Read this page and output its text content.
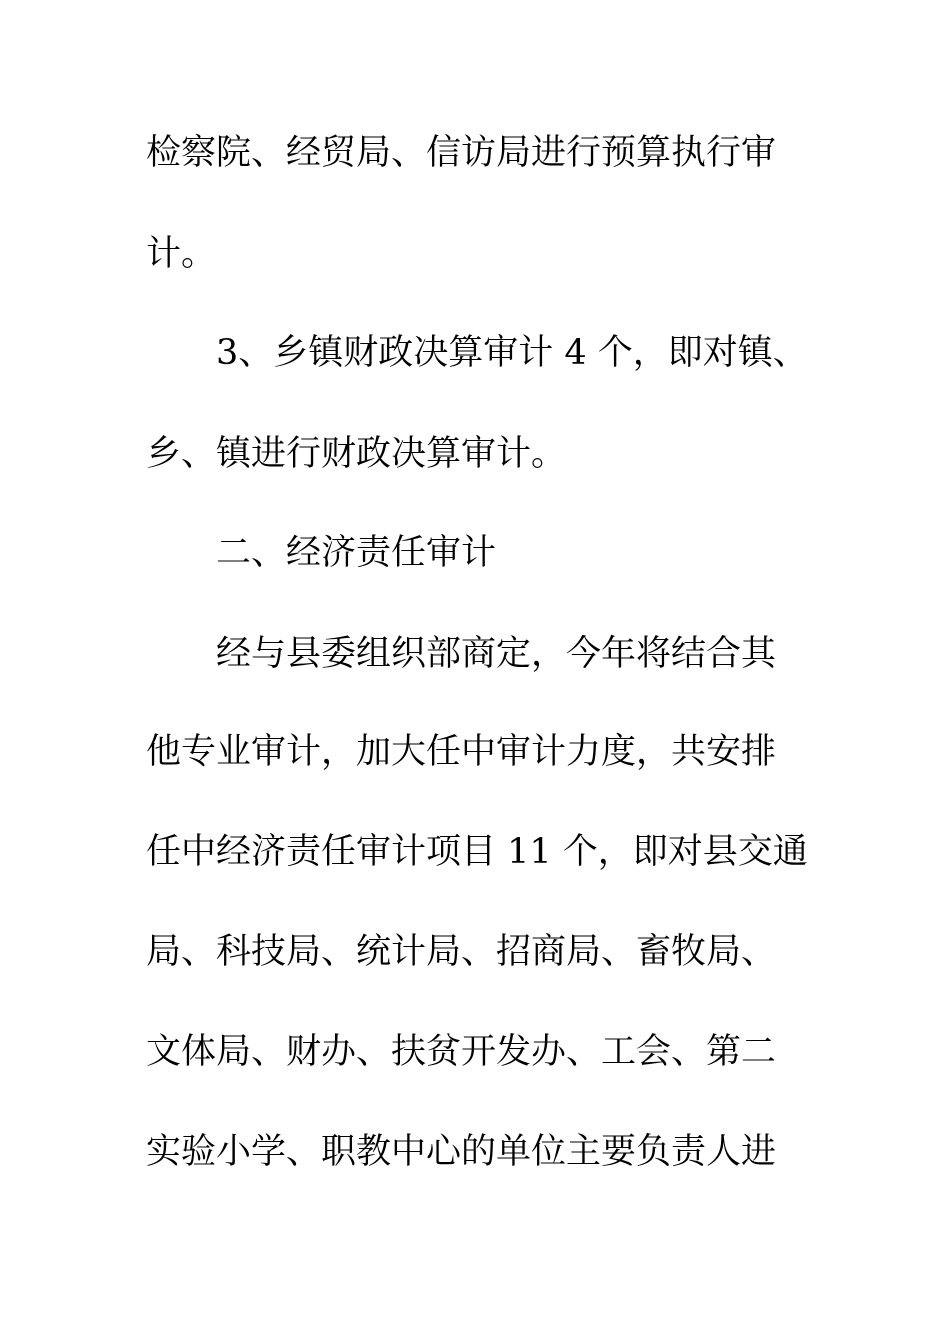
检察院、经贸局、信访局进行预算执行审
计。
3、乡镇财政决算审计 4 个，即对镇、
乡、镇进行财政决算审计。
二、经济责任审计
经与县委组织部商定，今年将结合其
他专业审计，加大任中审计力度，共安排
任中经济责任审计项目 11 个，即对县交通
局、科技局、统计局、招商局、畜牧局、
文体局、财办、扶贫开发办、工会、第二
实验小学、职教中心的单位主要负责人进
